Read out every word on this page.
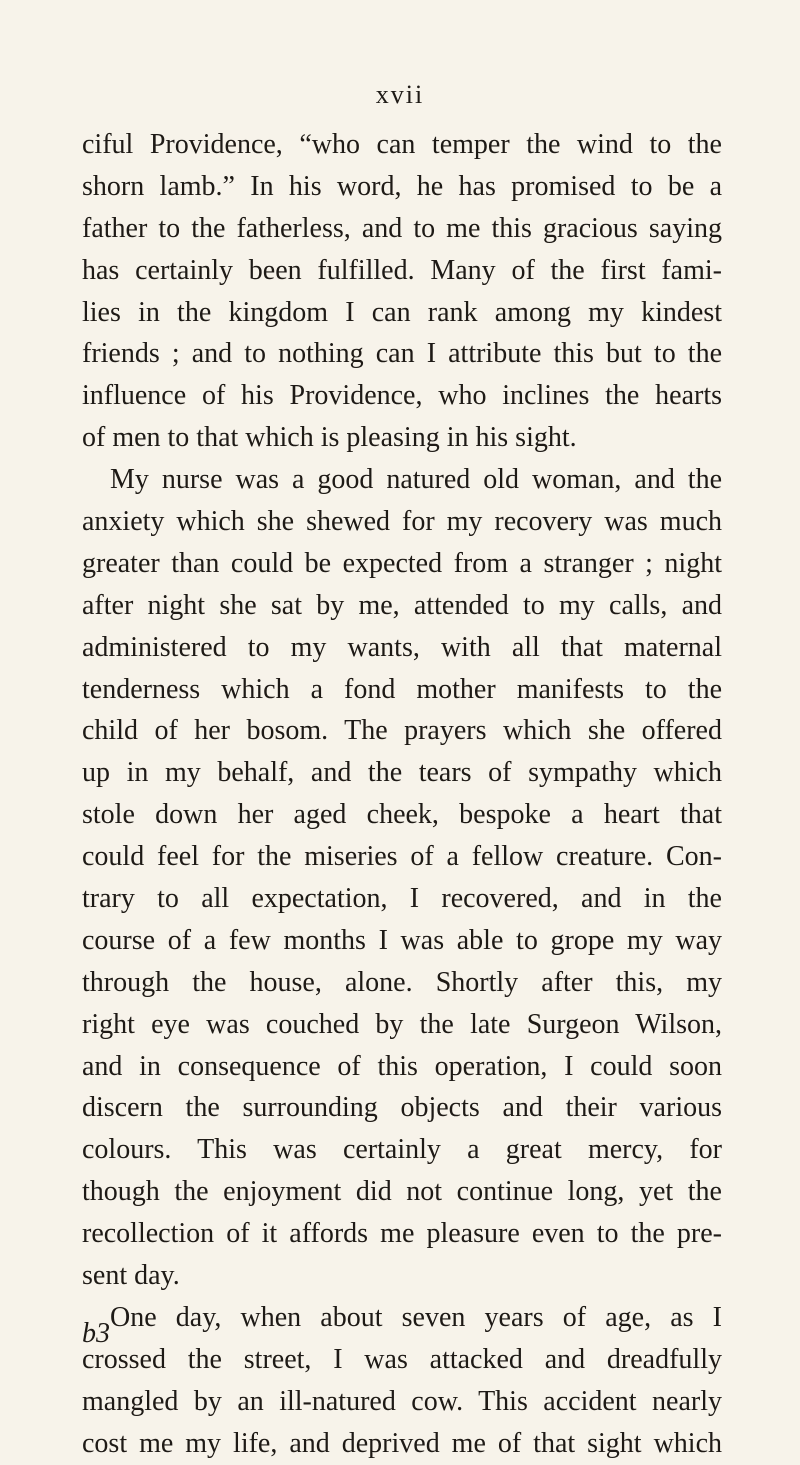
xvii
ciful Providence, “who can temper the wind to the
shorn lamb.” In his word, he has promised to be a
father to the fatherless, and to me this gracious saying
has certainly been fulfilled. Many of the first fami-
lies in the kingdom I can rank among my kindest
friends ; and to nothing can I attribute this but to the
influence of his Providence, who inclines the hearts
of men to that which is pleasing in his sight.
My nurse was a good natured old woman, and the
anxiety which she shewed for my recovery was much
greater than could be expected from a stranger ; night
after night she sat by me, attended to my calls, and
administered to my wants, with all that maternal
tenderness which a fond mother manifests to the
child of her bosom. The prayers which she offered
up in my behalf, and the tears of sympathy which
stole down her aged cheek, bespoke a heart that
could feel for the miseries of a fellow creature. Con-
trary to all expectation, I recovered, and in the
course of a few months I was able to grope my way
through the house, alone. Shortly after this, my
right eye was couched by the late Surgeon Wilson,
and in consequence of this operation, I could soon
discern the surrounding objects and their various
colours. This was certainly a great mercy, for
though the enjoyment did not continue long, yet the
recollection of it affords me pleasure even to the pre-
sent day.
One day, when about seven years of age, as I
crossed the street, I was attacked and dreadfully
mangled by an ill-natured cow. This accident nearly
cost me my life, and deprived me of that sight which
b3
